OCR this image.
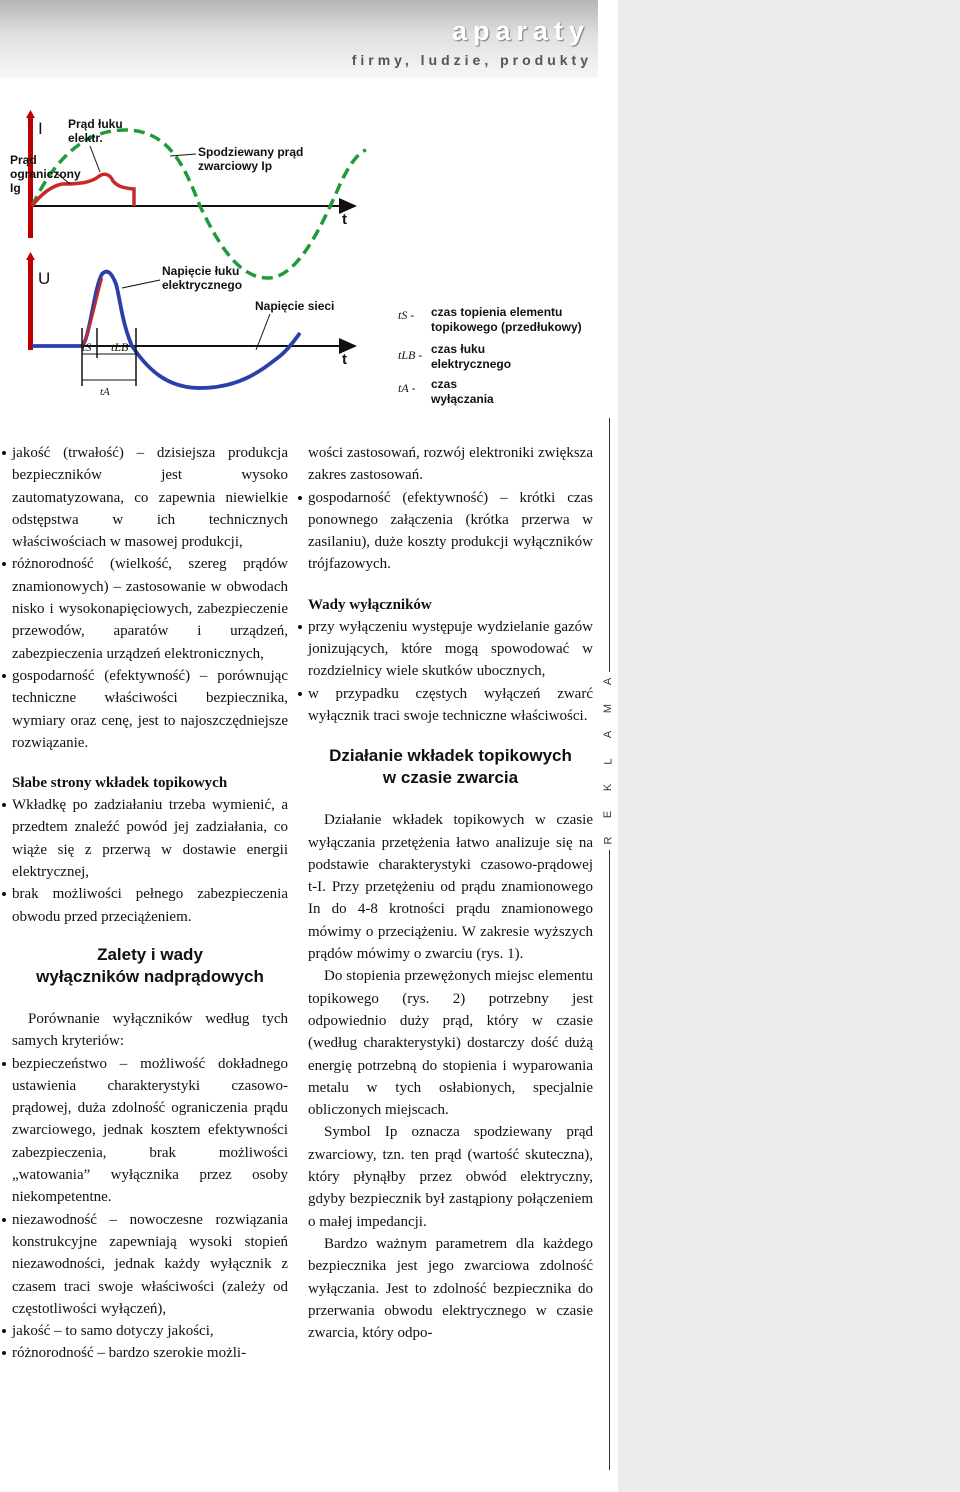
aparaty
firmy, ludzie, produkty
A
M
A
L
K
E
R
I
t
Prąd łuku elektr.
Prąd ograniczony Ig
Spodziewany prąd zwarciowy Ip
U
t
Napięcie łuku elektrycznego
Napięcie sieci
tS tLB
tA
tS - czas topienia elementu topikowego (przedłukowy)
tLB - czas łuku elektrycznego
tA - czas wyłączania
jakość (trwałość) – dzisiejsza produkcja bezpieczników jest wysoko zautomatyzowana, co zapewnia niewielkie odstępstwa w ich technicznych właściwościach w masowej produkcji,
różnorodność (wielkość, szereg prądów znamionowych) – zastosowanie w obwodach nisko i wysokonapięciowych, zabezpieczenie przewodów, aparatów i urządzeń, zabezpieczenia urządzeń elektronicznych,
gospodarność (efektywność) – porównując techniczne właściwości bezpiecznika, wymiary oraz cenę, jest to najoszczędniejsze rozwiązanie.

Słabe strony wkładek topikowych

Wkładkę po zadziałaniu trzeba wymienić, a przedtem znaleźć powód jej zadziałania, co wiąże się z przerwą w dostawie energii elektrycznej,
brak możliwości pełnego zabezpieczenia obwodu przed przeciążeniem.

Zalety i wady
wyłączników nadprądowych

Porównanie wyłączników według tych samych kryteriów:

bezpieczeństwo – możliwość dokładnego ustawienia charakterystyki czasowo-prądowej, duża zdolność ograniczenia prądu zwarciowego, jednak kosztem efektywności zabezpieczenia, brak możliwości „watowania” wyłącznika przez osoby niekompetentne.
niezawodność – nowoczesne rozwiązania konstrukcyjne zapewniają wysoki stopień niezawodności, jednak każdy wyłącznik z czasem traci swoje właściwości (zależy od częstotliwości wyłączeń),
jakość – to samo dotyczy jakości,
różnorodność – bardzo szerokie możli-

wości zastosowań, rozwój elektroniki zwiększa zakres zastosowań.

gospodarność (efektywność) – krótki czas ponownego załączenia (krótka przerwa w zasilaniu), duże koszty produkcji wyłączników trójfazowych.

Wady wyłączników

przy wyłączeniu występuje wydzielanie gazów jonizujących, które mogą spowodować w rozdzielnicy wiele skutków ubocznych,
w przypadku częstych wyłączeń zwarć wyłącznik traci swoje techniczne właściwości.

Działanie wkładek topikowych
w czasie zwarcia

Działanie wkładek topikowych w czasie wyłączania przetężenia łatwo analizuje się na podstawie charakterystyki czasowo-prądowej t-I. Przy przetężeniu od prądu znamionowego In do 4-8 krotności prądu znamionowego mówimy o przeciążeniu. W zakresie wyższych prądów mówimy o zwarciu (rys. 1).

Do stopienia przewężonych miejsc elementu topikowego (rys. 2) potrzebny jest odpowiednio duży prąd, który w czasie (według charakterystyki) dostarczy dość dużą energię potrzebną do stopienia i wyparowania metalu w tych osłabionych, specjalnie obliczonych miejscach.

Symbol Ip oznacza spodziewany prąd zwarciowy, tzn. ten prąd (wartość skuteczna), który płynąłby przez obwód elektryczny, gdyby bezpiecznik był zastąpiony połączeniem o małej impedancji.

Bardzo ważnym parametrem dla każdego bezpiecznika jest jego zwarciowa zdolność wyłączania. Jest to zdolność bezpiecznika do przerwania obwodu elektrycznego w czasie zwarcia, który odpo-
